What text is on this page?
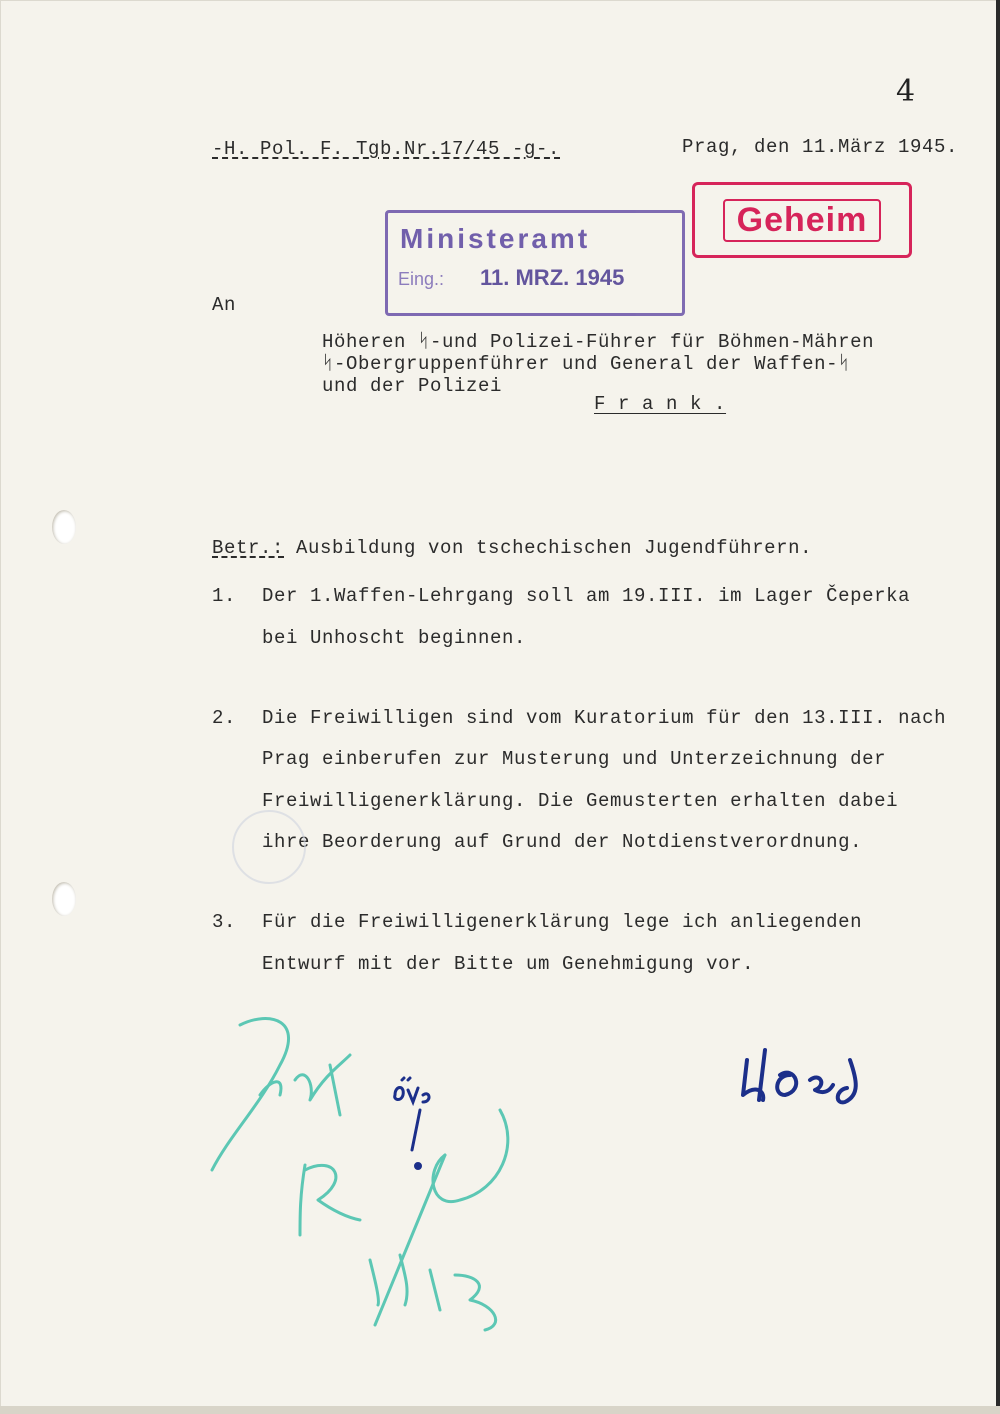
4
-H. Pol. F. Tgb.Nr.17/45 -g-.	Prag, den 11.März 1945.
Ministeramt
Eing.: 11. MRZ. 1945
Geheim
An
Höheren ᛋ-und Polizei-Führer für Böhmen-Mähren
ᛋ-Obergruppenführer und General der Waffen-ᛋ
und der Polizei
F r a n k .
Betr.: Ausbildung von tschechischen Jugendführern.
1. Der 1.Waffen-Lehrgang soll am 19.III. im Lager Čeperka
bei Unhoscht beginnen.
2. Die Freiwilligen sind vom Kuratorium für den 13.III. nach
Prag einberufen zur Musterung und Unterzeichnung der
Freiwilligenerklärung. Die Gemusterten erhalten dabei
ihre Beorderung auf Grund der Notdienstverordnung.
3. Für die Freiwilligenerklärung lege ich anliegenden
Entwurf mit der Bitte um Genehmigung vor.
Just
R
7/1/13
öve	Hoss
